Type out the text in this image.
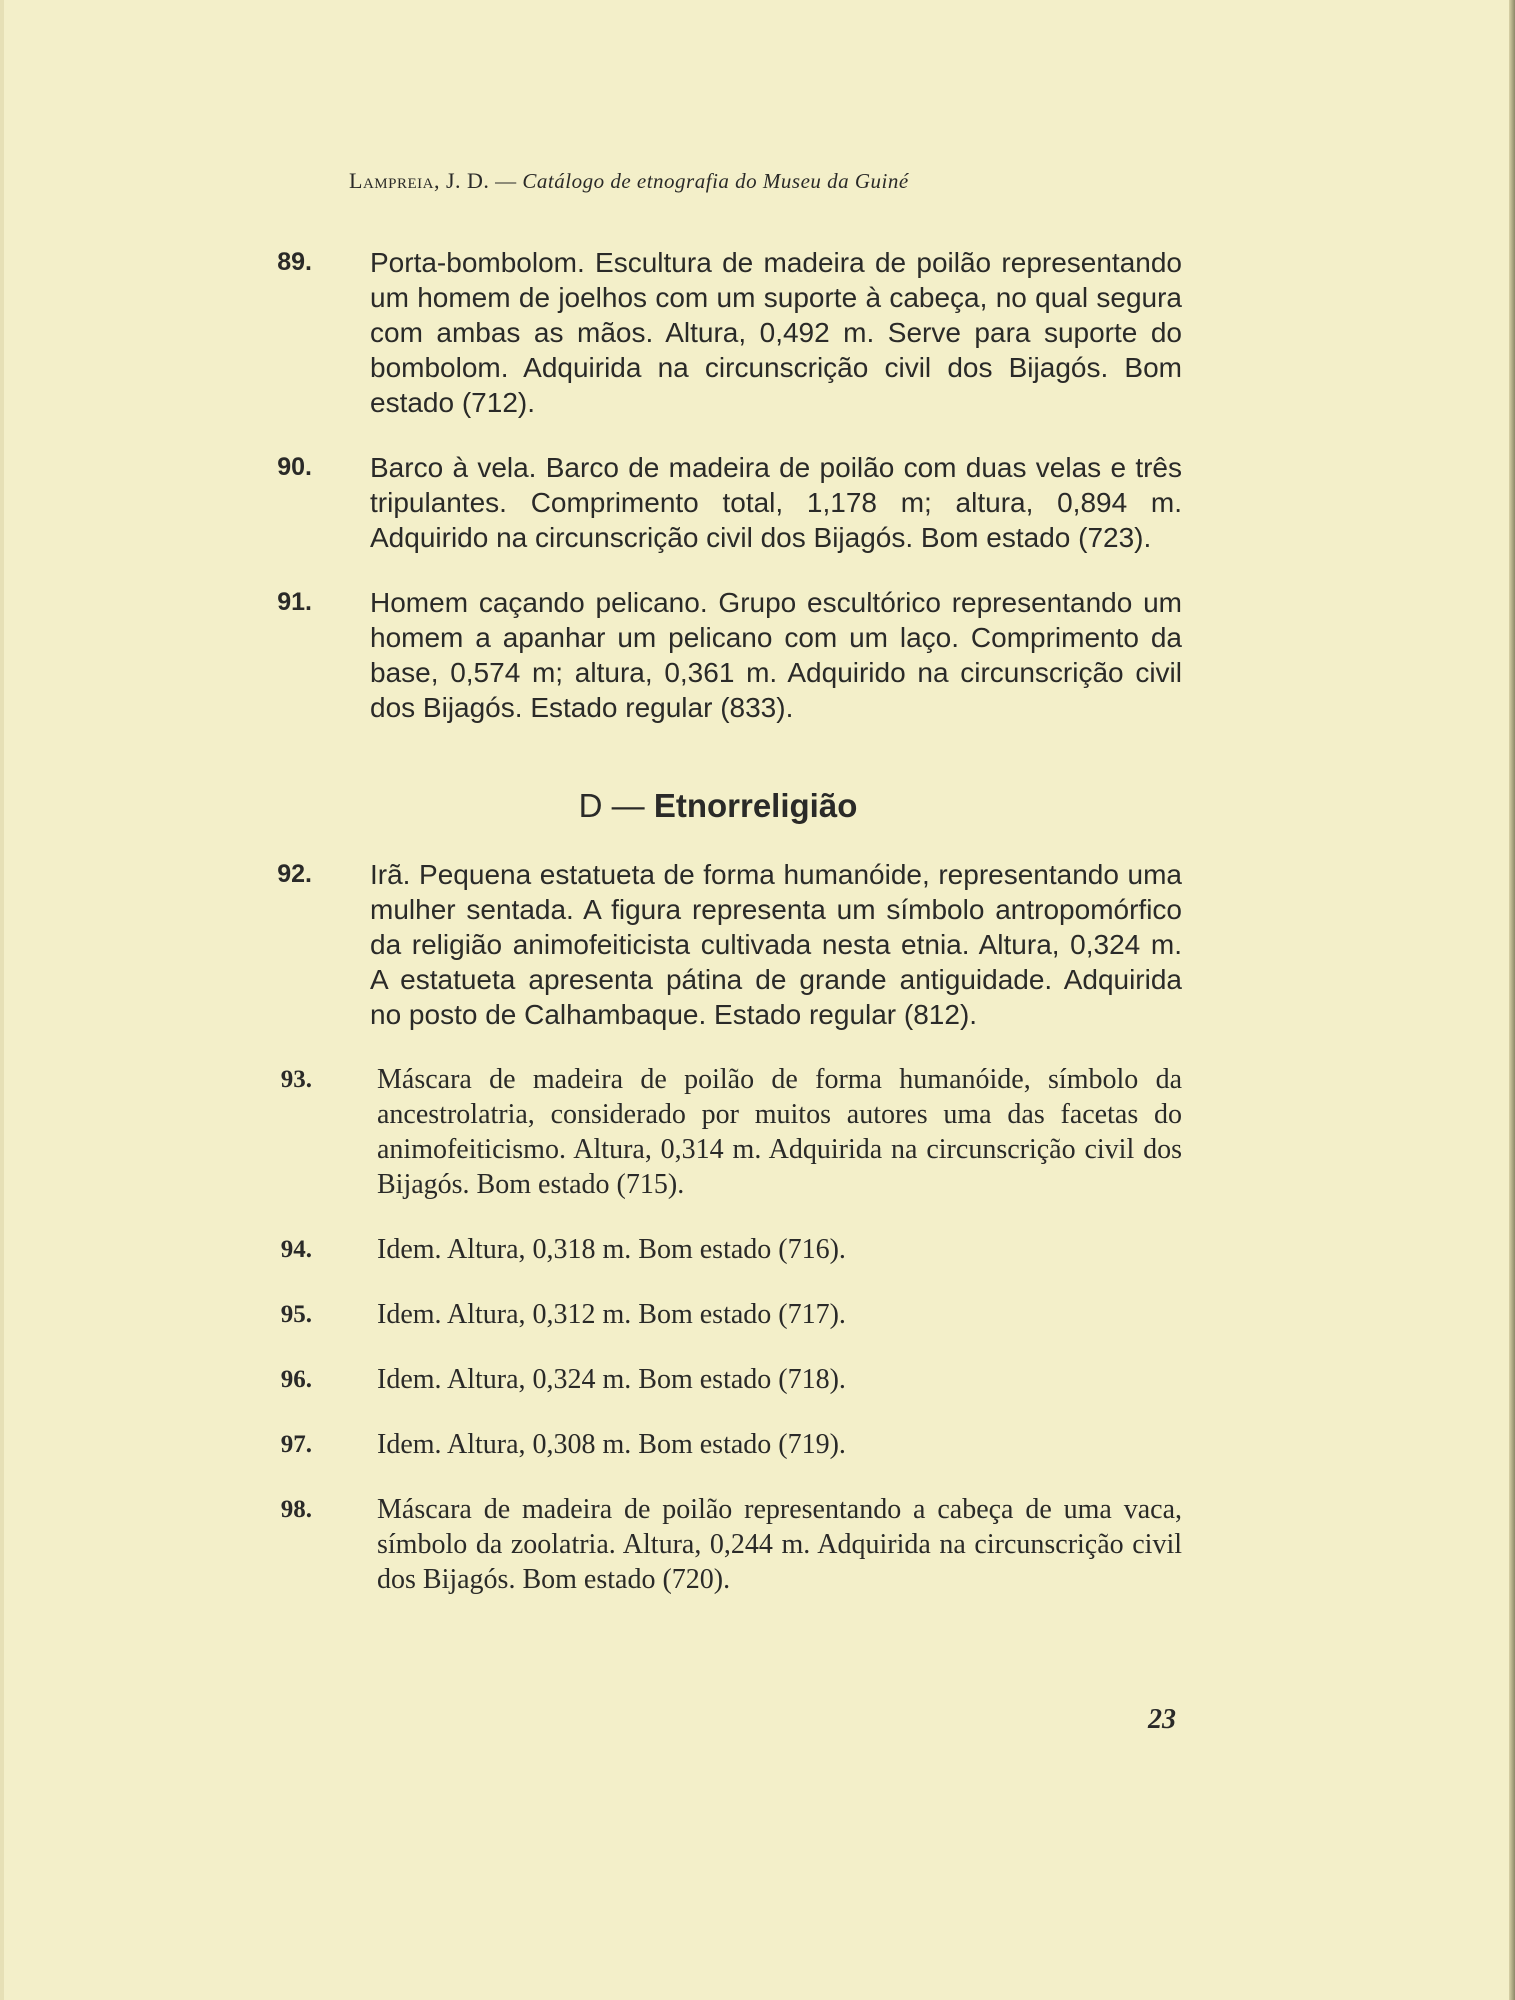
Lampreia, J. D. — Catálogo de etnografia do Museu da Guiné
89. Porta-bombolom. Escultura de madeira de poilão representando um homem de joelhos com um suporte à cabeça, no qual segura com ambas as mãos. Altura, 0,492 m. Serve para suporte do bombolom. Adquirida na circunscrição civil dos Bijagós. Bom estado (712).
90. Barco à vela. Barco de madeira de poilão com duas velas e três tripulantes. Comprimento total, 1,178 m; altura, 0,894 m. Adquirido na circunscrição civil dos Bijagós. Bom estado (723).
91. Homem caçando pelicano. Grupo escultórico representando um homem a apanhar um pelicano com um laço. Comprimento da base, 0,574 m; altura, 0,361 m. Adquirido na circunscrição civil dos Bijagós. Estado regular (833).
D — Etnorreligião
92. Irã. Pequena estatueta de forma humanóide, representando uma mulher sentada. A figura representa um símbolo antropomórfico da religião animofeiticista cultivada nesta etnia. Altura, 0,324 m. A estatueta apresenta pátina de grande antiguidade. Adquirida no posto de Calhambaque. Estado regular (812).
93. Máscara de madeira de poilão de forma humanóide, símbolo da ancestrolatria, considerado por muitos autores uma das facetas do animofeiticismo. Altura, 0,314 m. Adquirida na circunscrição civil dos Bijagós. Bom estado (715).
94. Idem. Altura, 0,318 m. Bom estado (716).
95. Idem. Altura, 0,312 m. Bom estado (717).
96. Idem. Altura, 0,324 m. Bom estado (718).
97. Idem. Altura, 0,308 m. Bom estado (719).
98. Máscara de madeira de poilão representando a cabeça de uma vaca, símbolo da zoolatria. Altura, 0,244 m. Adquirida na circunscrição civil dos Bijagós. Bom estado (720).
23
